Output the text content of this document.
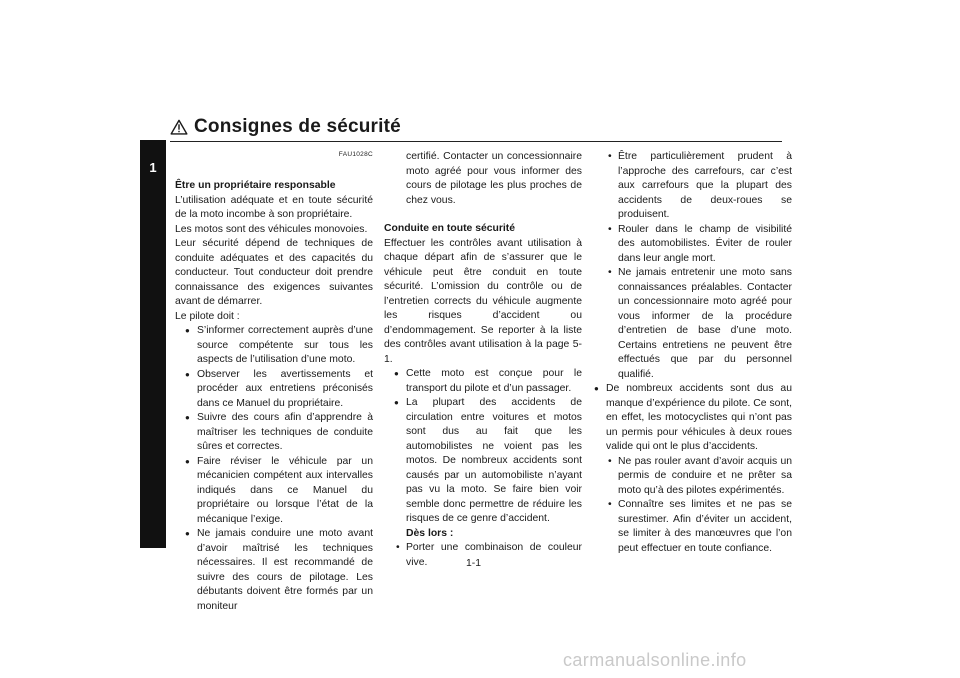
Consignes de sécurité
1

FAU1028C

Être un propriétaire responsable

L’utilisation adéquate et en toute sécurité de la moto incombe à son propriétaire.

Les motos sont des véhicules monovoies.

Leur sécurité dépend de techniques de conduite adéquates et des capacités du conducteur. Tout conducteur doit prendre connaissance des exigences suivantes avant de démarrer.

Le pilote doit :

● S’informer correctement auprès d’une source compétente sur tous les aspects de l’utilisation d’une moto.

● Observer les avertissements et procéder aux entretiens préconisés dans ce Manuel du propriétaire.

● Suivre des cours afin d’apprendre à maîtriser les techniques de conduite sûres et correctes.

● Faire réviser le véhicule par un mécanicien compétent aux intervalles indiqués dans ce Manuel du propriétaire ou lorsque l’état de la mécanique l’exige.

● Ne jamais conduire une moto avant d’avoir maîtrisé les techniques nécessaires. Il est recommandé de suivre des cours de pilotage. Les débutants doivent être formés par un moniteur

certifié. Contacter un concessionnaire moto agréé pour vous informer des cours de pilotage les plus proches de chez vous.

Conduite en toute sécurité

Effectuer les contrôles avant utilisation à chaque départ afin de s’assurer que le véhicule peut être conduit en toute sécurité. L’omission du contrôle ou de l’entretien corrects du véhicule augmente les risques d’accident ou d’endommagement. Se reporter à la liste des contrôles avant utilisation à la page 5-1.

● Cette moto est conçue pour le transport du pilote et d’un passager.

● La plupart des accidents de circulation entre voitures et motos sont dus au fait que les automobilistes ne voient pas les motos. De nombreux accidents sont causés par un automobiliste n’ayant pas vu la moto. Se faire bien voir semble donc permettre de réduire les risques de ce genre d’accident.

Dès lors :

• Porter une combinaison de couleur vive.

• Être particulièrement prudent à l’approche des carrefours, car c’est aux carrefours que la plupart des accidents de deux-roues se produisent.

• Rouler dans le champ de visibilité des automobilistes. Éviter de rouler dans leur angle mort.

• Ne jamais entretenir une moto sans connaissances préalables. Contacter un concessionnaire moto agréé pour vous informer de la procédure d’entretien de base d’une moto. Certains entretiens ne peuvent être effectués que par du personnel qualifié.

● De nombreux accidents sont dus au manque d’expérience du pilote. Ce sont, en effet, les motocyclistes qui n’ont pas un permis pour véhicules à deux roues valide qui ont le plus d’accidents.

• Ne pas rouler avant d’avoir acquis un permis de conduire et ne prêter sa moto qu’à des pilotes expérimentés.

• Connaître ses limites et ne pas se surestimer. Afin d’éviter un accident, se limiter à des manœuvres que l’on peut effectuer en toute confiance.

1-1
carmanualsonline.info
